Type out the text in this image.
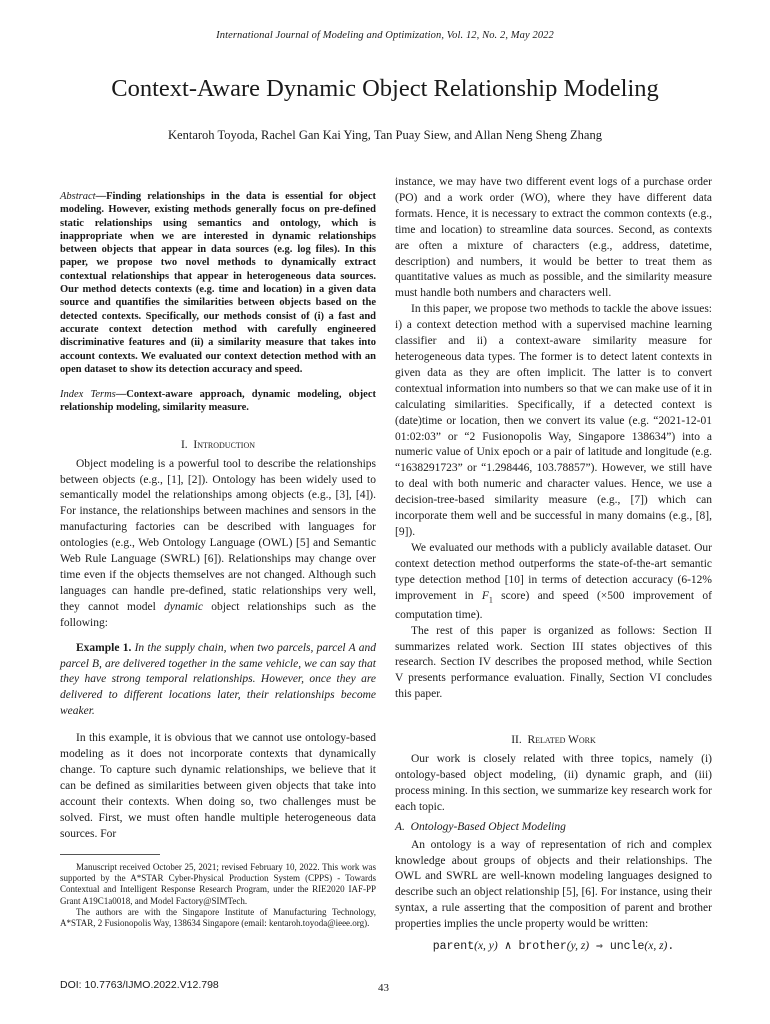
International Journal of Modeling and Optimization, Vol. 12, No. 2, May 2022
Context-Aware Dynamic Object Relationship Modeling
Kentaroh Toyoda, Rachel Gan Kai Ying, Tan Puay Siew, and Allan Neng Sheng Zhang

Abstract—Finding relationships in the data is essential for object modeling. However, existing methods generally focus on pre-defined static relationships using semantics and ontology, which is inappropriate when we are interested in dynamic relationships between objects that appear in data sources (e.g. log files). In this paper, we propose two novel methods to dynamically extract contextual relationships that appear in heterogeneous data sources. Our method detects contexts (e.g. time and location) in a given data source and quantifies the similarities between objects based on the detected contexts. Specifically, our methods consist of (i) a fast and accurate context detection method with carefully engineered discriminative features and (ii) a similarity measure that takes into account contexts. We evaluated our context detection method with an open dataset to show its detection accuracy and speed.

Index Terms—Context-aware approach, dynamic modeling, object relationship modeling, similarity measure.

I. Introduction

Object modeling is a powerful tool to describe the relationships between objects (e.g., [1], [2]). Ontology has been widely used to semantically model the relationships among objects (e.g., [3], [4]). For instance, the relationships between machines and sensors in the manufacturing factories can be described with languages for ontologies (e.g., Web Ontology Language (OWL) [5] and Semantic Web Rule Language (SWRL) [6]). Relationships may change over time even if the objects themselves are not changed. Although such languages can handle pre-defined, static relationships very well, they cannot model dynamic object relationships such as the following:

Example 1. In the supply chain, when two parcels, parcel A and parcel B, are delivered together in the same vehicle, we can say that they have strong temporal relationships. However, once they are delivered to different locations later, their relationships become weaker.

In this example, it is obvious that we cannot use ontology-based modeling as it does not incorporate contexts that dynamically change. To capture such dynamic relationships, we believe that it can be defined as similarities between given objects that take into account their contexts. When doing so, two challenges must be solved. First, we must often handle multiple heterogeneous data sources. For

Manuscript received October 25, 2021; revised February 10, 2022. This work was supported by the A*STAR Cyber-Physical Production System (CPPS) - Towards Contextual and Intelligent Response Research Program, under the RIE2020 IAF-PP Grant A19C1a0018, and Model Factory@SIMTech.

The authors are with the Singapore Institute of Manufacturing Technology, A*STAR, 2 Fusionopolis Way, 138634 Singapore (email: kentaroh.toyoda@ieee.org).

instance, we may have two different event logs of a purchase order (PO) and a work order (WO), where they have different data formats. Hence, it is necessary to extract the common contexts (e.g., time and location) to streamline data sources. Second, as contexts are often a mixture of characters (e.g., address, datetime, description) and numbers, it would be better to treat them as quantitative values as much as possible, and the similarity measure must handle both numbers and characters well.

In this paper, we propose two methods to tackle the above issues: i) a context detection method with a supervised machine learning classifier and ii) a context-aware similarity measure for heterogeneous data types. The former is to detect latent contexts in given data as they are often implicit. The latter is to convert contextual information into numbers so that we can make use of it in calculating similarities. Specifically, if a detected context is (date)time or location, then we convert its value (e.g. “2021-12-01 01:02:03” or “2 Fusionopolis Way, Singapore 138634”) into a numeric value of Unix epoch or a pair of latitude and longitude (e.g. “1638291723” or “1.298446, 103.78857”). However, we still have to deal with both numeric and character values. Hence, we use a decision-tree-based similarity measure (e.g., [7]) which can incorporate them well and be successful in many domains (e.g., [8], [9]).

We evaluated our methods with a publicly available dataset. Our context detection method outperforms the state-of-the-art semantic type detection method [10] in terms of detection accuracy (6-12% improvement in $F_1$ score) and speed (×500 improvement of computation time).

The rest of this paper is organized as follows: Section II summarizes related work. Section III states objectives of this research. Section IV describes the proposed method, while Section V presents performance evaluation. Finally, Section VI concludes this paper.

II. Related Work

Our work is closely related with three topics, namely (i) ontology-based object modeling, (ii) dynamic graph, and (iii) process mining. In this section, we summarize key research work for each topic.

A. Ontology-Based Object Modeling

An ontology is a way of representation of rich and complex knowledge about groups of objects and their relationships. The OWL and SWRL are well-known modeling languages designed to describe such an object relationship [5], [6]. For instance, using their syntax, a rule asserting that the composition of parent and brother properties implies the uncle property would be written:

parent(x, y) ∧ brother(y, z) ⇒ uncle(x, z).

DOI: 10.7763/IJMO.2022.V12.798	43
